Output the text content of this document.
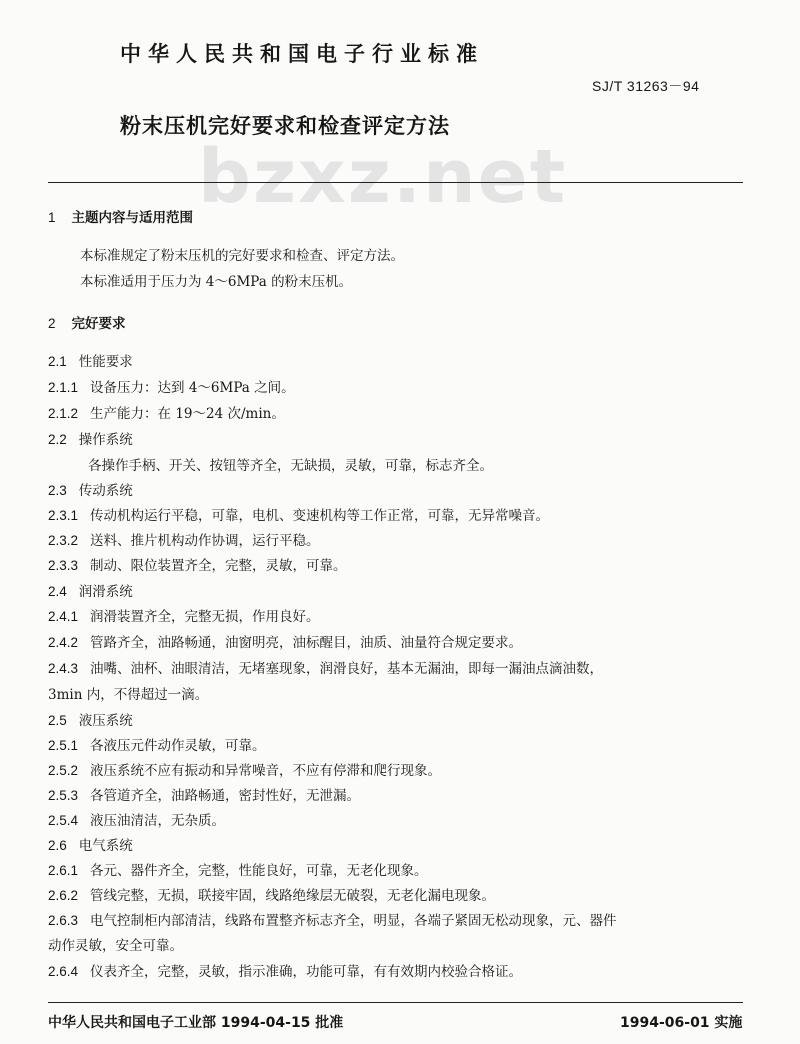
中华人民共和国电子行业标准
SJ/T 31263－94
粉末压机完好要求和检查评定方法
bzxz.net
1 主题内容与适用范围
本标准规定了粉末压机的完好要求和检查、评定方法。
本标准适用于压力为 4～6MPa 的粉末压机。
2 完好要求
2.1 性能要求
2.1.1 设备压力：达到 4～6MPa 之间。
2.1.2 生产能力：在 19～24 次/min。
2.2 操作系统
各操作手柄、开关、按钮等齐全，无缺损，灵敏，可靠，标志齐全。
2.3 传动系统
2.3.1 传动机构运行平稳，可靠，电机、变速机构等工作正常，可靠，无异常噪音。
2.3.2 送料、推片机构动作协调，运行平稳。
2.3.3 制动、限位装置齐全，完整，灵敏，可靠。
2.4 润滑系统
2.4.1 润滑装置齐全，完整无损，作用良好。
2.4.2 管路齐全，油路畅通，油窗明亮，油标醒目，油质、油量符合规定要求。
2.4.3 油嘴、油杯、油眼清洁，无堵塞现象，润滑良好，基本无漏油，即每一漏油点滴油数，
3min 内，不得超过一滴。
2.5 液压系统
2.5.1 各液压元件动作灵敏，可靠。
2.5.2 液压系统不应有振动和异常噪音，不应有停滞和爬行现象。
2.5.3 各管道齐全，油路畅通，密封性好，无泄漏。
2.5.4 液压油清洁，无杂质。
2.6 电气系统
2.6.1 各元、器件齐全，完整，性能良好，可靠，无老化现象。
2.6.2 管线完整，无损，联接牢固，线路绝缘层无破裂，无老化漏电现象。
2.6.3 电气控制柜内部清洁，线路布置整齐标志齐全，明显，各端子紧固无松动现象，元、器件
动作灵敏，安全可靠。
2.6.4 仪表齐全，完整，灵敏，指示准确，功能可靠，有有效期内校验合格证。
中华人民共和国电子工业部 1994-04-15 批准	1994-06-01 实施
